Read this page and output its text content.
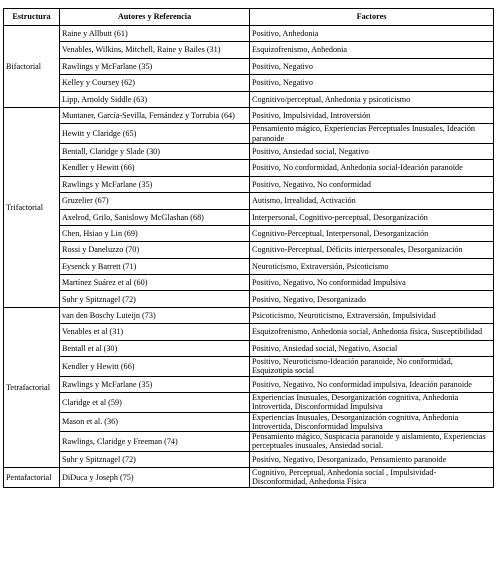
Estructura	Autores y Referencia	Factores
Bifactorial	Raine y Allbutt (61)	Positivo, Anhedonia
	Venables, Wilkins, Mitchell, Raine y Bailes (31)	Esquizofrenismo, Anhedonia
	Rawlings y McFarlane (35)	Positivo, Negativo
	Kelley y Coursey (62)	Positivo, Negativo
	Lipp, Arnoldy Siddle (63)	Cognitivo/perceptual, Anhedonia y psicoticismo
Trifactorial	Muntaner, García-Sevilla, Fernández y Torrubia (64)	Positivo, Impulsividad, Introversión
	Hewitt y Claridge (65)	Pensamiento mágico, Experiencias Perceptuales Inusuales, Ideación paranoide
	Bentall, Claridge y Slade (30)	Positivo, Ansiedad social, Negativo
	Kendler y Hewitt (66)	Positivo, No conformidad, Anhedonia social-Ideación paranoide
	Rawlings y McFarlane (35)	Positivo, Negativo, No conformidad
	Gruzelier (67)	Autismo, Irrealidad, Activación
	Axelrod, Grilo, Sanislowy McGlashan (68)	Interpersonal, Cognitivo-perceptual, Desorganización
	Chen, Hsiao y Lin (69)	Cognitivo-Perceptual, Interpersonal, Desorganización
	Rossi y Daneluzzo (70)	Cognitivo-Perceptual, Déficits interpersonales, Desorganización
	Eysenck y Barrett (71)	Neuroticismo, Extraversión, Psicoticismo
	Martínez Suárez et al (60)	Positivo, Negativo, No conformidad Impulsiva
	Suhr y Spitznagel (72)	Positivo, Negativo, Desorganizado
Tetrafactorial	van den Boschy Luteijn (73)	Psicoticismo, Neuroticismo, Extraversión, Impulsividad
	Venables et al (31)	Esquizofrenismo, Anhedonia social, Anhedonia física, Susceptibilidad
	Bentall et al (30)	Positivo, Ansiedad social, Negativo, Asocial
	Kendler y Hewitt (66)	Positivo, Neuroticismo-Ideación paranoide, No conformidad, Esquizotipia social
	Rawlings y McFarlane (35)	Positivo, Negativo, No conformidad impulsiva, Ideación paranoide
	Claridge et al (59)	Experiencias Inusuales, Desorganización cognitiva, Anhedonia Introvertida, Disconformidad Impulsiva
	Mason et al. (36)	Experiencias Inusuales, Desorganización cognitiva, Anhedonia Introvertida, Disconformidad Impulsiva
	Rawlings, Claridge y Freeman (74)	Pensamiento mágico, Suspicacia paranoide y aislamiento, Experiencias perceptuales inusuales, Ansiedad social.
	Suhr y Spitznagel (72)	Positivo, Negativo, Desorganizado, Pensamiento paranoide
Pentafactorial	DiDuca y Joseph (75)	Cognitivo, Perceptual, Anhedonia social , Impulsividad-Disconformidad, Anhedonia Física
